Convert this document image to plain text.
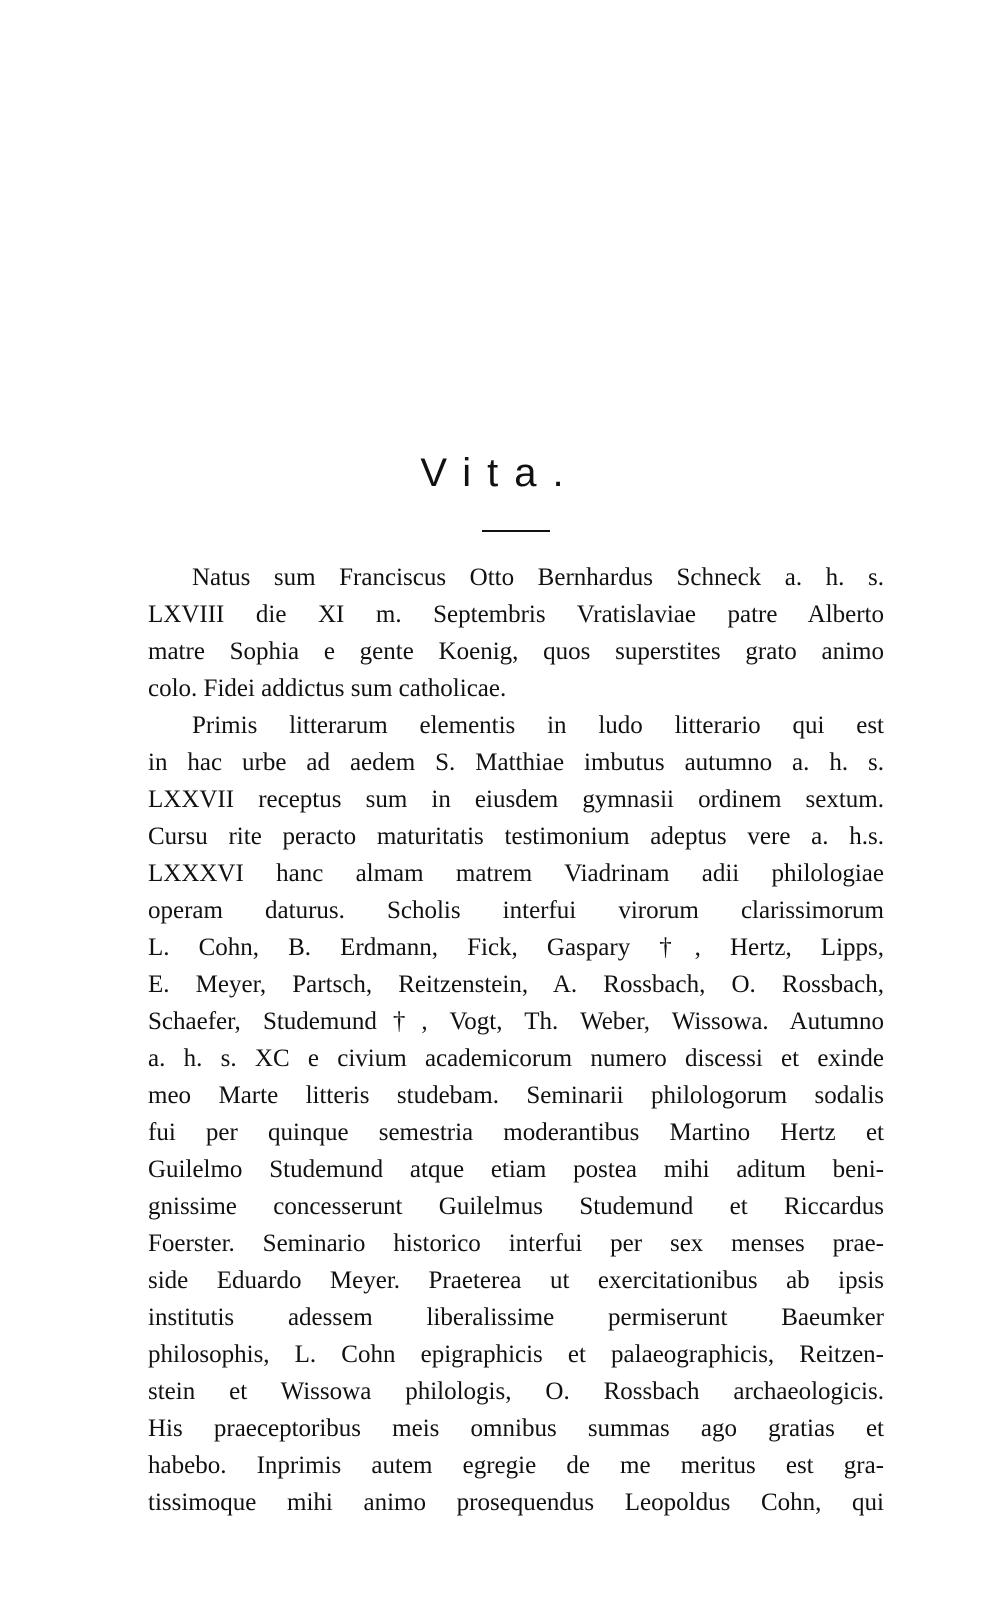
Vita.
Natus sum Franciscus Otto Bernhardus Schneck a. h. s.
LXVIII die XI m. Septembris Vratislaviae patre Alberto
matre Sophia e gente Koenig, quos superstites grato animo
colo. Fidei addictus sum catholicae.
Primis litterarum elementis in ludo litterario qui est
in hac urbe ad aedem S. Matthiae imbutus autumno a. h. s.
LXXVII receptus sum in eiusdem gymnasii ordinem sextum.
Cursu rite peracto maturitatis testimonium adeptus vere a. h.s.
LXXXVI hanc almam matrem Viadrinam adii philologiae
operam daturus. Scholis interfui virorum clarissimorum
L. Cohn, B. Erdmann, Fick, Gaspary †, Hertz, Lipps,
E. Meyer, Partsch, Reitzenstein, A. Rossbach, O. Rossbach,
Schaefer, Studemund†, Vogt, Th. Weber, Wissowa. Autumno
a. h. s. XC e civium academicorum numero discessi et exinde
meo Marte litteris studebam. Seminarii philologorum sodalis
fui per quinque semestria moderantibus Martino Hertz et
Guilelmo Studemund atque etiam postea mihi aditum beni-
gnissime concesserunt Guilelmus Studemund et Riccardus
Foerster. Seminario historico interfui per sex menses prae-
side Eduardo Meyer. Praeterea ut exercitationibus ab ipsis
institutis adessem liberalissime permiserunt Baeumker
philosophis, L. Cohn epigraphicis et palaeographicis, Reitzen-
stein et Wissowa philologis, O. Rossbach archaeologicis.
His praeceptoribus meis omnibus summas ago gratias et
habebo. Inprimis autem egregie de me meritus est gra-
tissimoque mihi animo prosequendus Leopoldus Cohn, qui
